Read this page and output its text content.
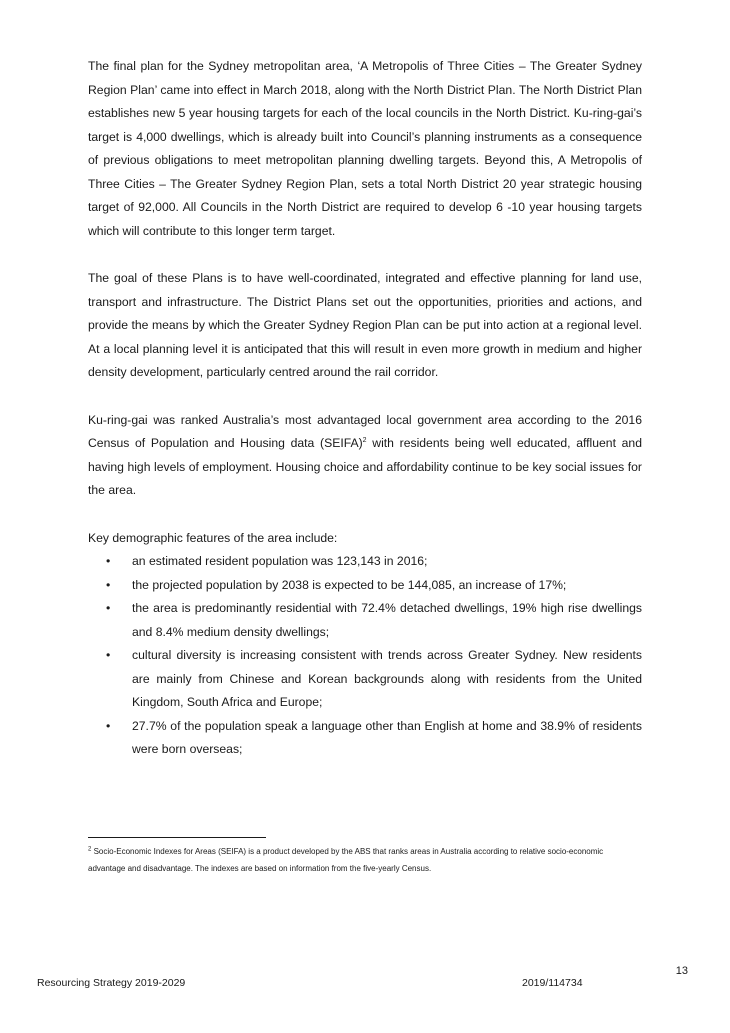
The final plan for the Sydney metropolitan area, ‘A Metropolis of Three Cities – The Greater Sydney Region Plan’ came into effect in March 2018, along with the North District Plan. The North District Plan establishes new 5 year housing targets for each of the local councils in the North District. Ku-ring-gai’s target is 4,000 dwellings, which is already built into Council’s planning instruments as a consequence of previous obligations to meet metropolitan planning dwelling targets. Beyond this, A Metropolis of Three Cities – The Greater Sydney Region Plan, sets a total North District 20 year strategic housing target of 92,000. All Councils in the North District are required to develop 6 -10 year housing targets which will contribute to this longer term target.

The goal of these Plans is to have well-coordinated, integrated and effective planning for land use, transport and infrastructure. The District Plans set out the opportunities, priorities and actions, and provide the means by which the Greater Sydney Region Plan can be put into action at a regional level. At a local planning level it is anticipated that this will result in even more growth in medium and higher density development, particularly centred around the rail corridor.

Ku-ring-gai was ranked Australia’s most advantaged local government area according to the 2016 Census of Population and Housing data (SEIFA)$^2$ with residents being well educated, affluent and having high levels of employment. Housing choice and affordability continue to be key social issues for the area.

Key demographic features of the area include:

• an estimated resident population was 123,143 in 2016;
• the projected population by 2038 is expected to be 144,085, an increase of 17%;
• the area is predominantly residential with 72.4% detached dwellings, 19% high rise dwellings and 8.4% medium density dwellings;
• cultural diversity is increasing consistent with trends across Greater Sydney. New residents are mainly from Chinese and Korean backgrounds along with residents from the United Kingdom, South Africa and Europe;
• 27.7% of the population speak a language other than English at home and 38.9% of residents were born overseas;
$^2$ Socio-Economic Indexes for Areas (SEIFA) is a product developed by the ABS that ranks areas in Australia according to relative socio-economic advantage and disadvantage. The indexes are based on information from the five-yearly Census.
13
Resourcing Strategy 2019-2029	2019/114734
